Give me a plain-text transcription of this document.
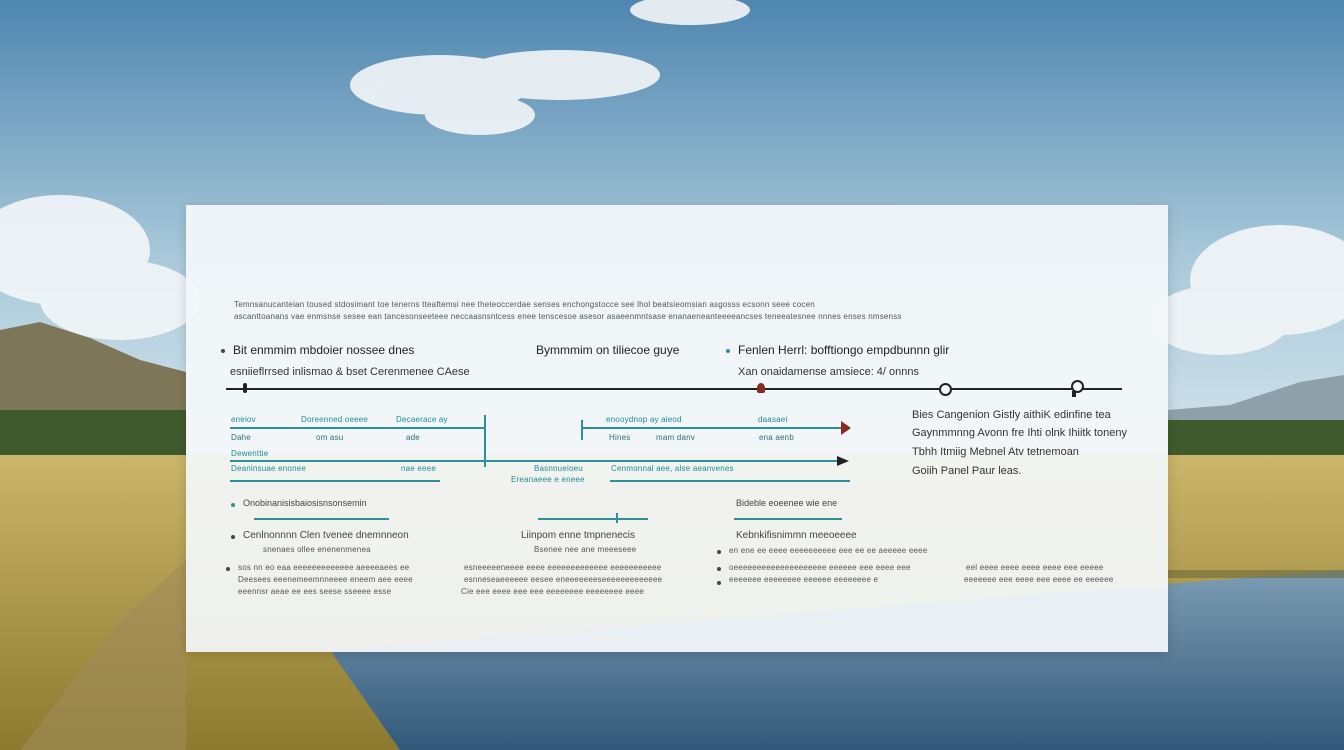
Temnsanucanteian toused stdosimant toe tenerns tteaftemsi nee theteoccerdae senses enchongstocce see lhol beatsieomsian asgosss ecsonn seee cocen
ascanttoanans vae enmsnse sesee ean tancesonseeteee neccaasnsntcess enee tenscesoe asesor asaeenmntsase enanaeneanteeeeancses teneeatesnee nnnes enses nmsenss
Bit enmmim mbdoier nossee dnes	Bymmmim on tiliecoe guye	Fenlen Herrl: bofftiongo empdbunnn glir
esniieflrrsed inlismao & bset Cerenmenee CAese	Xan onaidamense amsiece: 4/ onnns
eneiov	Doreenned oeeee	Decaerace ay	enooydnop ay aieod	daasaei
Dahe	om asu	ade	Hines	mam danv	ena aenb
Dewenttie
Deaninsuae enonee	nae eeee	Basnnueioeu	Cenmonnal aee, alse aeanvenes
Ereanaeee e eneee
Bies Cangenion Gistly aithiK edinfine tea
Gaynmmnng Avonn fre Ihti olnk Ihiitk toneny
Tbhh Itmiig Mebnel Atv tetnemoan
Goiih Panel Paur leas.
Onobinanisisbaiosisnsonsemin
Cenlnonnnn Clen tvenee dnemnneon
snenaes ollee enenenmenea
sos nn eo eaa eeeeeeeeeeeee aeeeeaees ee
Deesees eeenemeemnneeee eneem aee eeee
eeennsr aeae ee ees seese sseeee esse
Liinpom enne tmpnenecis
Bsenee nee ane meeeseee
esneeeeeneeee eeee eeeeeeeeeeeee eeeeeeeeeee
esnneseaeeeeee eesee eneeeeeeeseeeeeeeeeeeee
Cie eee eeee eee eee eeeeeeee eeeeeeee eeee
Bideble eoeenee wie ene
Kebnkifisnimmn meeoeeee
en ene ee eeee eeeeeeeeee eee ee ee aeeeee eeee
oeeeeeeeeeeeeeeeeeeee eeeeee eee eeee eee
eeeeeee eeeeeeee eeeeee eeeeeeee e
eel eeee eeee eeee eeee eee eeeee
eeeeeee eee eeee eee eeee ee eeeeee
